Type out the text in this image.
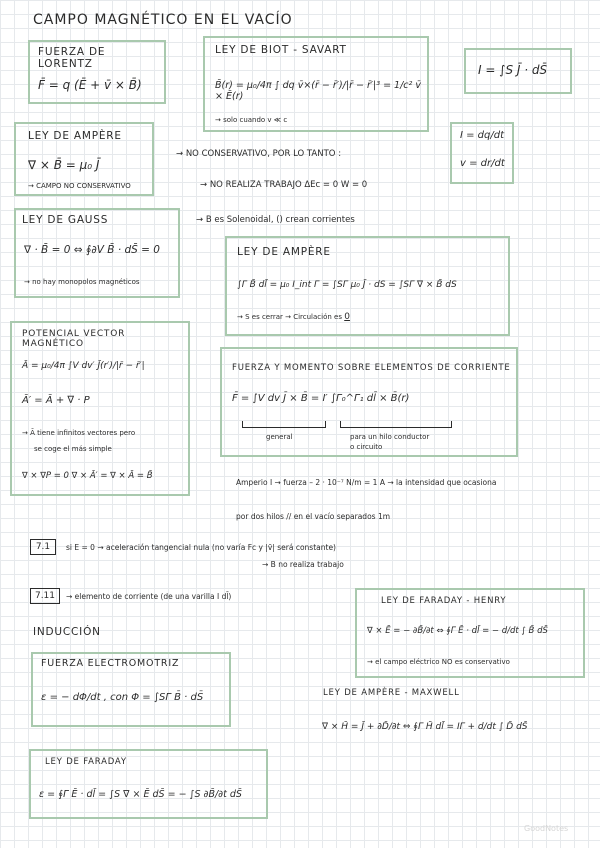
CAMPO MAGNÉTICO EN EL VACÍO
FUERZA DE LORENTZ
F̄ = q (Ē + v̄ × B̄)
LEY DE BIOT - SAVART
B̄(r) = μ₀/4π ∫ dq v̄×(r̄ − r̄′)/|r̄ − r̄′|³ = 1/c² v̄ × Ē(r)
→ solo cuando v ≪ c
I = ∫S J̄ · dS̄
I = dq/dt
v = dr/dt
LEY DE AMPÈRE
∇ × B̄ = μ₀ J̄
→ CAMPO NO CONSERVATIVO
→ NO CONSERVATIVO, POR LO TANTO :
→ NO REALIZA TRABAJO ΔEc = 0 W = 0
→ B es Solenoidal, () crean corrientes
LEY DE GAUSS
∇ · B̄ = 0 ⇔ ∮∂V B̄ · dS̄ = 0
→ no hay monopolos magnéticos
LEY DE AMPÈRE
∫Γ B̄ dl̄ = μ₀ I_int Γ = ∫SΓ μ₀ J̄ · dS = ∫SΓ ∇ × B̄ dS
→ S es cerrar → Circulación es 0
POTENCIAL VECTOR MAGNÉTICO
Ā = μ₀/4π ∫V dv′ J̄(r′)/|r̄ − r̄′|
Ā′ = Ā + ∇ · P
→ Ā tiene infinitos vectores pero
se coge el más simple
∇ × ∇P = 0 ∇ × Ā′ = ∇ × Ā = B̄
FUERZA Y MOMENTO SOBRE ELEMENTOS DE CORRIENTE
F̄ = ∫V dv J̄ × B̄ = I′ ∫Γ₀^Γ₁ dl̄ × B̄(r)
general	para un hilo conductor
o circuito
Amperio I → fuerza – 2 · 10⁻⁷ N/m = 1 A → la intensidad que ocasiona
por dos hilos // en el vacío separados 1m
7.1	si E = 0 → aceleración tangencial nula (no varía Fc y |v̄| será constante)
→ B no realiza trabajo
7.11	→ elemento de corriente (de una varilla I dl̄)
INDUCCIÓN
LEY DE FARADAY - HENRY
∇ × Ē = − ∂B̄/∂t ⇔ ∮Γ Ē · dl̄ = − d/dt ∫ B̄ dS̄
→ el campo eléctrico NO es conservativo
FUERZA ELECTROMOTRIZ
ε = − dΦ/dt , con Φ = ∫SΓ B̄ · dS̄	LEY DE AMPÈRE - MAXWELL
∇ × H̄ = J̄ + ∂D̄/∂t ⇔ ∮Γ H̄ dl̄ = IΓ + d/dt ∫ D̄ dS̄
LEY DE FARADAY
ε = ∮Γ Ē · dl̄ = ∫S ∇ × Ē dS̄ = − ∫S ∂B̄/∂t dS̄
GoodNotes
